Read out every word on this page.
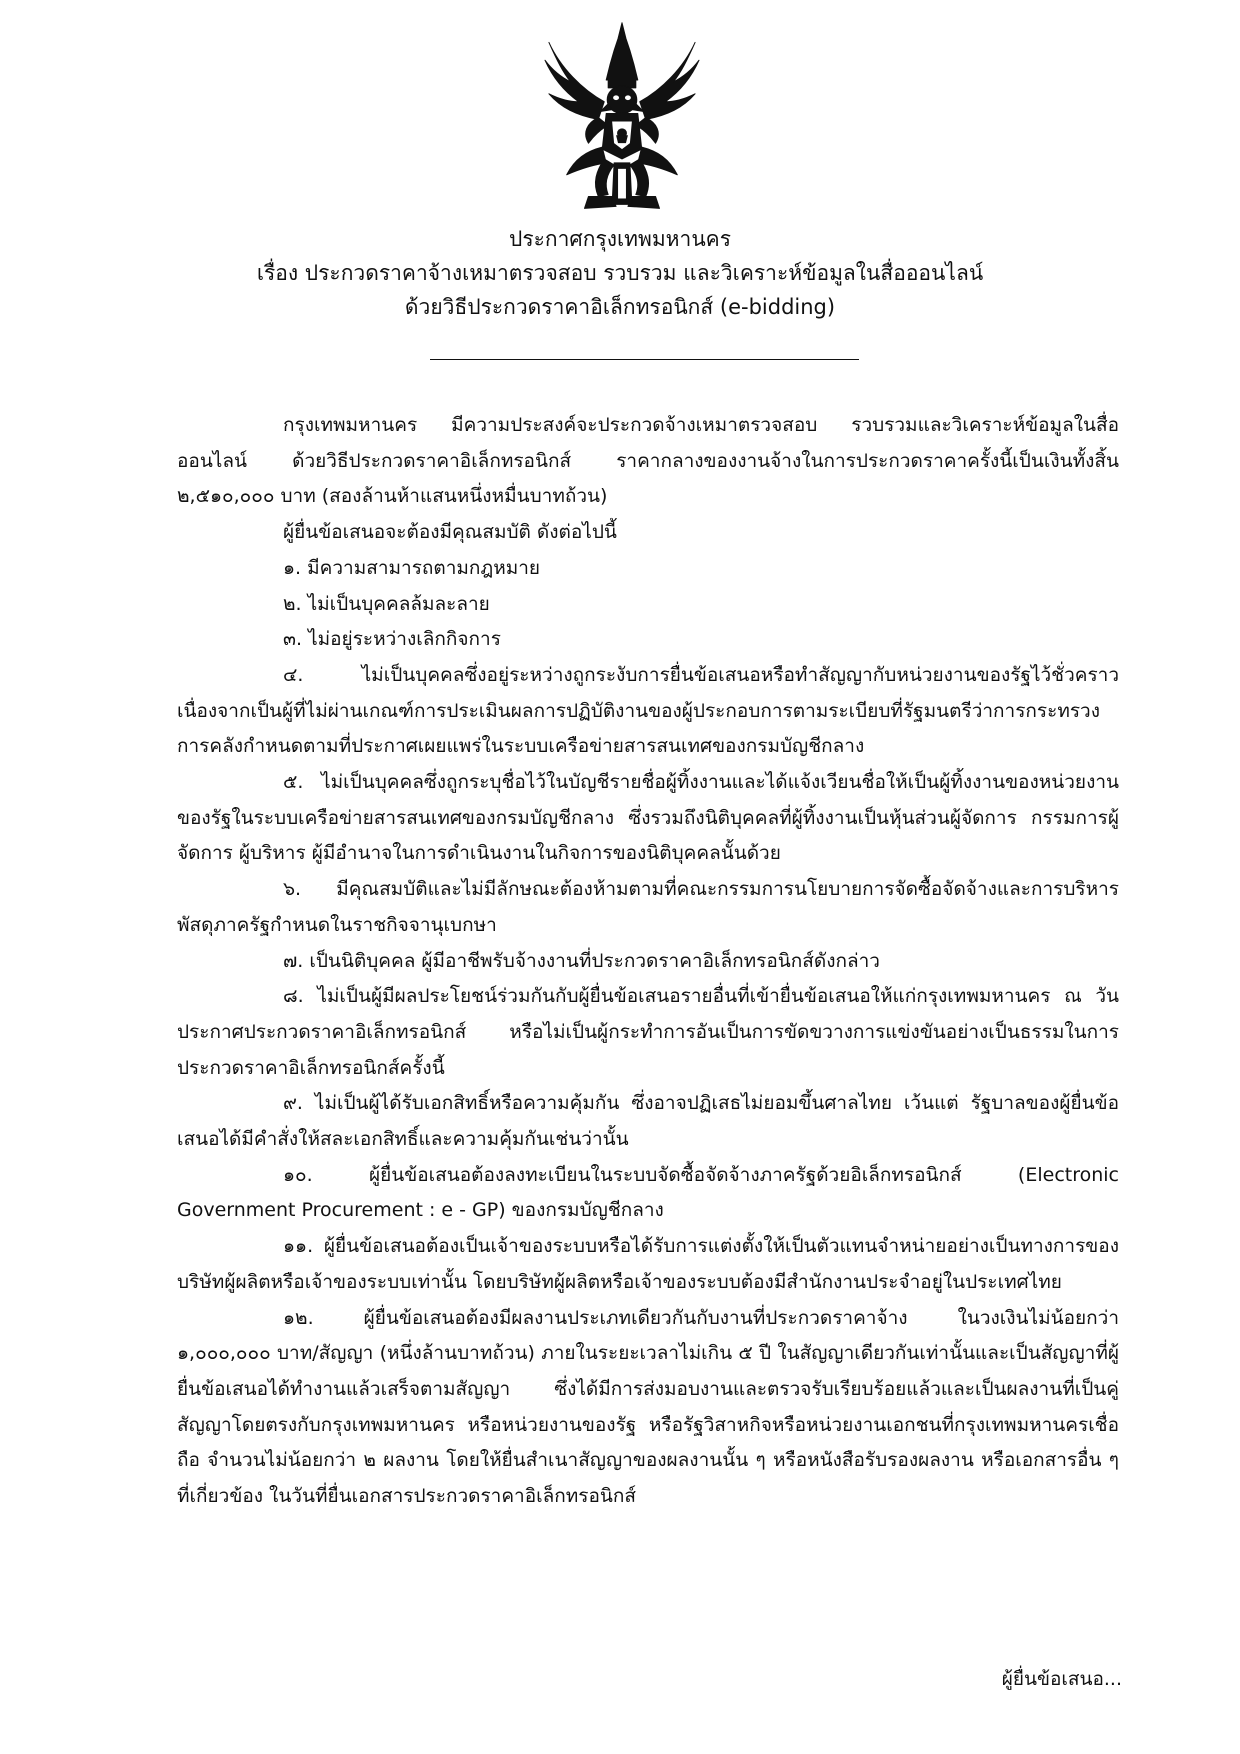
ประกาศกรุงเทพมหานคร
เรื่อง ประกวดราคาจ้างเหมาตรวจสอบ รวบรวม และวิเคราะห์ข้อมูลในสื่อออนไลน์
ด้วยวิธีประกวดราคาอิเล็กทรอนิกส์ (e-bidding)

กรุงเทพมหานคร มีความประสงค์จะประกวดจ้างเหมาตรวจสอบ รวบรวมและวิเคราะห์ข้อมูลในสื่อออนไลน์ ด้วยวิธีประกวดราคาอิเล็กทรอนิกส์ ราคากลางของงานจ้างในการประกวดราคาครั้งนี้เป็นเงินทั้งสิ้น ๒,๕๑๐,๐๐๐ บาท (สองล้านห้าแสนหนึ่งหมื่นบาทถ้วน)

ผู้ยื่นข้อเสนอจะต้องมีคุณสมบัติ ดังต่อไปนี้

๑. มีความสามารถตามกฎหมาย

๒. ไม่เป็นบุคคลล้มละลาย

๓. ไม่อยู่ระหว่างเลิกกิจการ

๔. ไม่เป็นบุคคลซึ่งอยู่ระหว่างถูกระงับการยื่นข้อเสนอหรือทำสัญญากับหน่วยงานของรัฐไว้ชั่วคราวเนื่องจากเป็นผู้ที่ไม่ผ่านเกณฑ์การประเมินผลการปฏิบัติงานของผู้ประกอบการตามระเบียบที่รัฐมนตรีว่าการกระทรวงการคลังกำหนดตามที่ประกาศเผยแพร่ในระบบเครือข่ายสารสนเทศของกรมบัญชีกลาง

๕. ไม่เป็นบุคคลซึ่งถูกระบุชื่อไว้ในบัญชีรายชื่อผู้ทิ้งงานและได้แจ้งเวียนชื่อให้เป็นผู้ทิ้งงานของหน่วยงานของรัฐในระบบเครือข่ายสารสนเทศของกรมบัญชีกลาง ซึ่งรวมถึงนิติบุคคลที่ผู้ทิ้งงานเป็นหุ้นส่วนผู้จัดการ กรรมการผู้จัดการ ผู้บริหาร ผู้มีอำนาจในการดำเนินงานในกิจการของนิติบุคคลนั้นด้วย

๖. มีคุณสมบัติและไม่มีลักษณะต้องห้ามตามที่คณะกรรมการนโยบายการจัดซื้อจัดจ้างและการบริหารพัสดุภาครัฐกำหนดในราชกิจจานุเบกษา

๗. เป็นนิติบุคคล ผู้มีอาชีพรับจ้างงานที่ประกวดราคาอิเล็กทรอนิกส์ดังกล่าว

๘. ไม่เป็นผู้มีผลประโยชน์ร่วมกันกับผู้ยื่นข้อเสนอรายอื่นที่เข้ายื่นข้อเสนอให้แก่กรุงเทพมหานคร ณ วันประกาศประกวดราคาอิเล็กทรอนิกส์ หรือไม่เป็นผู้กระทำการอันเป็นการขัดขวางการแข่งขันอย่างเป็นธรรมในการประกวดราคาอิเล็กทรอนิกส์ครั้งนี้

๙. ไม่เป็นผู้ได้รับเอกสิทธิ์หรือความคุ้มกัน ซึ่งอาจปฏิเสธไม่ยอมขึ้นศาลไทย เว้นแต่ รัฐบาลของผู้ยื่นข้อเสนอได้มีคำสั่งให้สละเอกสิทธิ์และความคุ้มกันเช่นว่านั้น

๑๐. ผู้ยื่นข้อเสนอต้องลงทะเบียนในระบบจัดซื้อจัดจ้างภาครัฐด้วยอิเล็กทรอนิกส์ (Electronic Government Procurement : e - GP) ของกรมบัญชีกลาง

๑๑. ผู้ยื่นข้อเสนอต้องเป็นเจ้าของระบบหรือได้รับการแต่งตั้งให้เป็นตัวแทนจำหน่ายอย่างเป็นทางการของบริษัทผู้ผลิตหรือเจ้าของระบบเท่านั้น โดยบริษัทผู้ผลิตหรือเจ้าของระบบต้องมีสำนักงานประจำอยู่ในประเทศไทย

๑๒. ผู้ยื่นข้อเสนอต้องมีผลงานประเภทเดียวกันกับงานที่ประกวดราคาจ้าง ในวงเงินไม่น้อยกว่า ๑,๐๐๐,๐๐๐ บาท/สัญญา (หนึ่งล้านบาทถ้วน) ภายในระยะเวลาไม่เกิน ๕ ปี ในสัญญาเดียวกันเท่านั้นและเป็นสัญญาที่ผู้ยื่นข้อเสนอได้ทำงานแล้วเสร็จตามสัญญา ซึ่งได้มีการส่งมอบงานและตรวจรับเรียบร้อยแล้วและเป็นผลงานที่เป็นคู่สัญญาโดยตรงกับกรุงเทพมหานคร หรือหน่วยงานของรัฐ หรือรัฐวิสาหกิจหรือหน่วยงานเอกชนที่กรุงเทพมหานครเชื่อถือ จำนวนไม่น้อยกว่า ๒ ผลงาน โดยให้ยื่นสำเนาสัญญาของผลงานนั้น ๆ หรือหนังสือรับรองผลงาน หรือเอกสารอื่น ๆ ที่เกี่ยวข้อง ในวันที่ยื่นเอกสารประกวดราคาอิเล็กทรอนิกส์

ผู้ยื่นข้อเสนอ...
